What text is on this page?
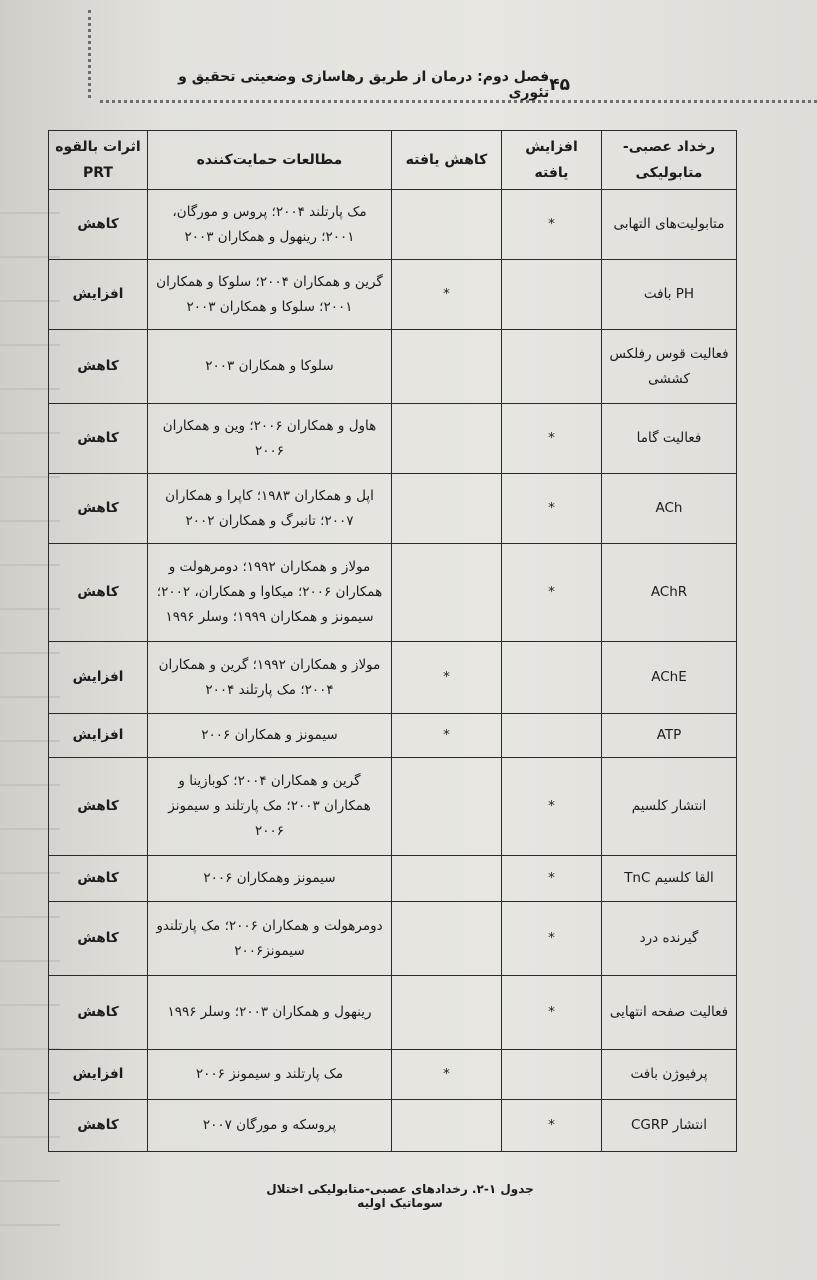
فصل دوم: درمان از طریق رهاسازی وضعیتی تحقیق و تئوری ۴۵
رخداد عصبی- متابولیکی	افزایش یافته	کاهش یافته	مطالعات حمایت‌کننده	اثرات بالقوه PRT
متابولیت‌های التهابی	*		مک پارتلند ۲۰۰۴؛ پروس و مورگان، ۲۰۰۱؛ رینهول و همکاران ۲۰۰۳	کاهش
PH بافت		*	گرین و همکاران ۲۰۰۴؛ سلوکا و همکاران ۲۰۰۱؛ سلوکا و همکاران ۲۰۰۳	افزایش
فعالیت قوس رفلکس کششی			سلوکا و همکاران ۲۰۰۳	کاهش
فعالیت گاما	*		هاول و همکاران ۲۰۰۶؛ وین و همکاران ۲۰۰۶	کاهش
ACh	*		اپل و همکاران ۱۹۸۳؛ کاپرا و همکاران ۲۰۰۷؛ تانبرگ و همکاران ۲۰۰۲	کاهش
AChR	*		مولاز و همکاران ۱۹۹۲؛ دومرهولت و همکاران ۲۰۰۶؛ میکاوا و همکاران، ۲۰۰۲؛ سیمونز و همکاران ۱۹۹۹؛ وسلر ۱۹۹۶	کاهش
AChE		*	مولاز و همکاران ۱۹۹۲؛ گرین و همکاران ۲۰۰۴؛ مک پارتلند ۲۰۰۴	افزایش
ATP		*	سیمونز و همکاران ۲۰۰۶	افزایش
انتشار کلسیم	*		گرین و همکاران ۲۰۰۴؛ کوبازینا و همکاران ۲۰۰۳؛ مک پارتلند و سیمونز ۲۰۰۶	کاهش
القا کلسیم TnC	*		سیمونز وهمکاران ۲۰۰۶	کاهش
گیرنده درد	*		دومرهولت و همکاران ۲۰۰۶؛ مک پارتلندو سیمونز۲۰۰۶	کاهش
فعالیت صفحه انتهایی	*		رینهول و همکاران ۲۰۰۳؛ وسلر ۱۹۹۶	کاهش
پرفیوژن بافت		*	مک پارتلند و سیمونز ۲۰۰۶	افزایش
انتشار CGRP	*		پروسکه و مورگان ۲۰۰۷	کاهش
جدول ۱-۲. رخدادهای عصبی-متابولیکی اختلال سوماتیک اولیه
